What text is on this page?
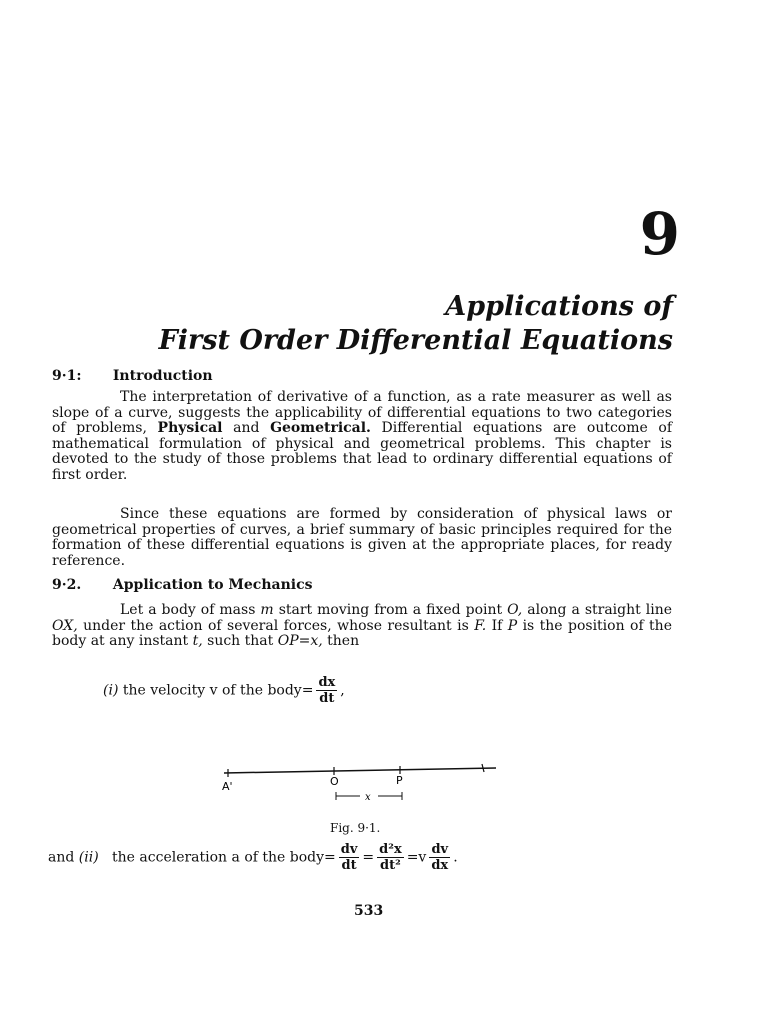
9
Applications of
First Order Differential Equations
9·1: Introduction
The interpretation of derivative of a function, as a rate measurer as well as slope of a curve, suggests the applicability of differential equations to two categories of problems, Physical and Geometrical. Differential equations are outcome of mathematical formulation of physical and geometrical problems. This chapter is devoted to the study of those problems that lead to ordinary differential equations of first order.
Since these equations are formed by consideration of physical laws or geometrical properties of curves, a brief summary of basic principles required for the formation of these differential equations is given at the appropriate places, for ready reference.
9·2. Application to Mechanics
Let a body of mass m start moving from a fixed point O, along a straight line OX, under the action of several forces, whose resultant is F. If P is the position of the body at any instant t, such that OP=x, then
(i) the velocity v of the body= $\frac{dx}{dt}$ ,
A'	O	P
x
Fig. 9·1.
and (ii) the acceleration a of the body= $\frac{dv}{dt} = \frac{\text{d²x}}{\text{dt²}} =v \frac{dv}{dx}$ .
533
